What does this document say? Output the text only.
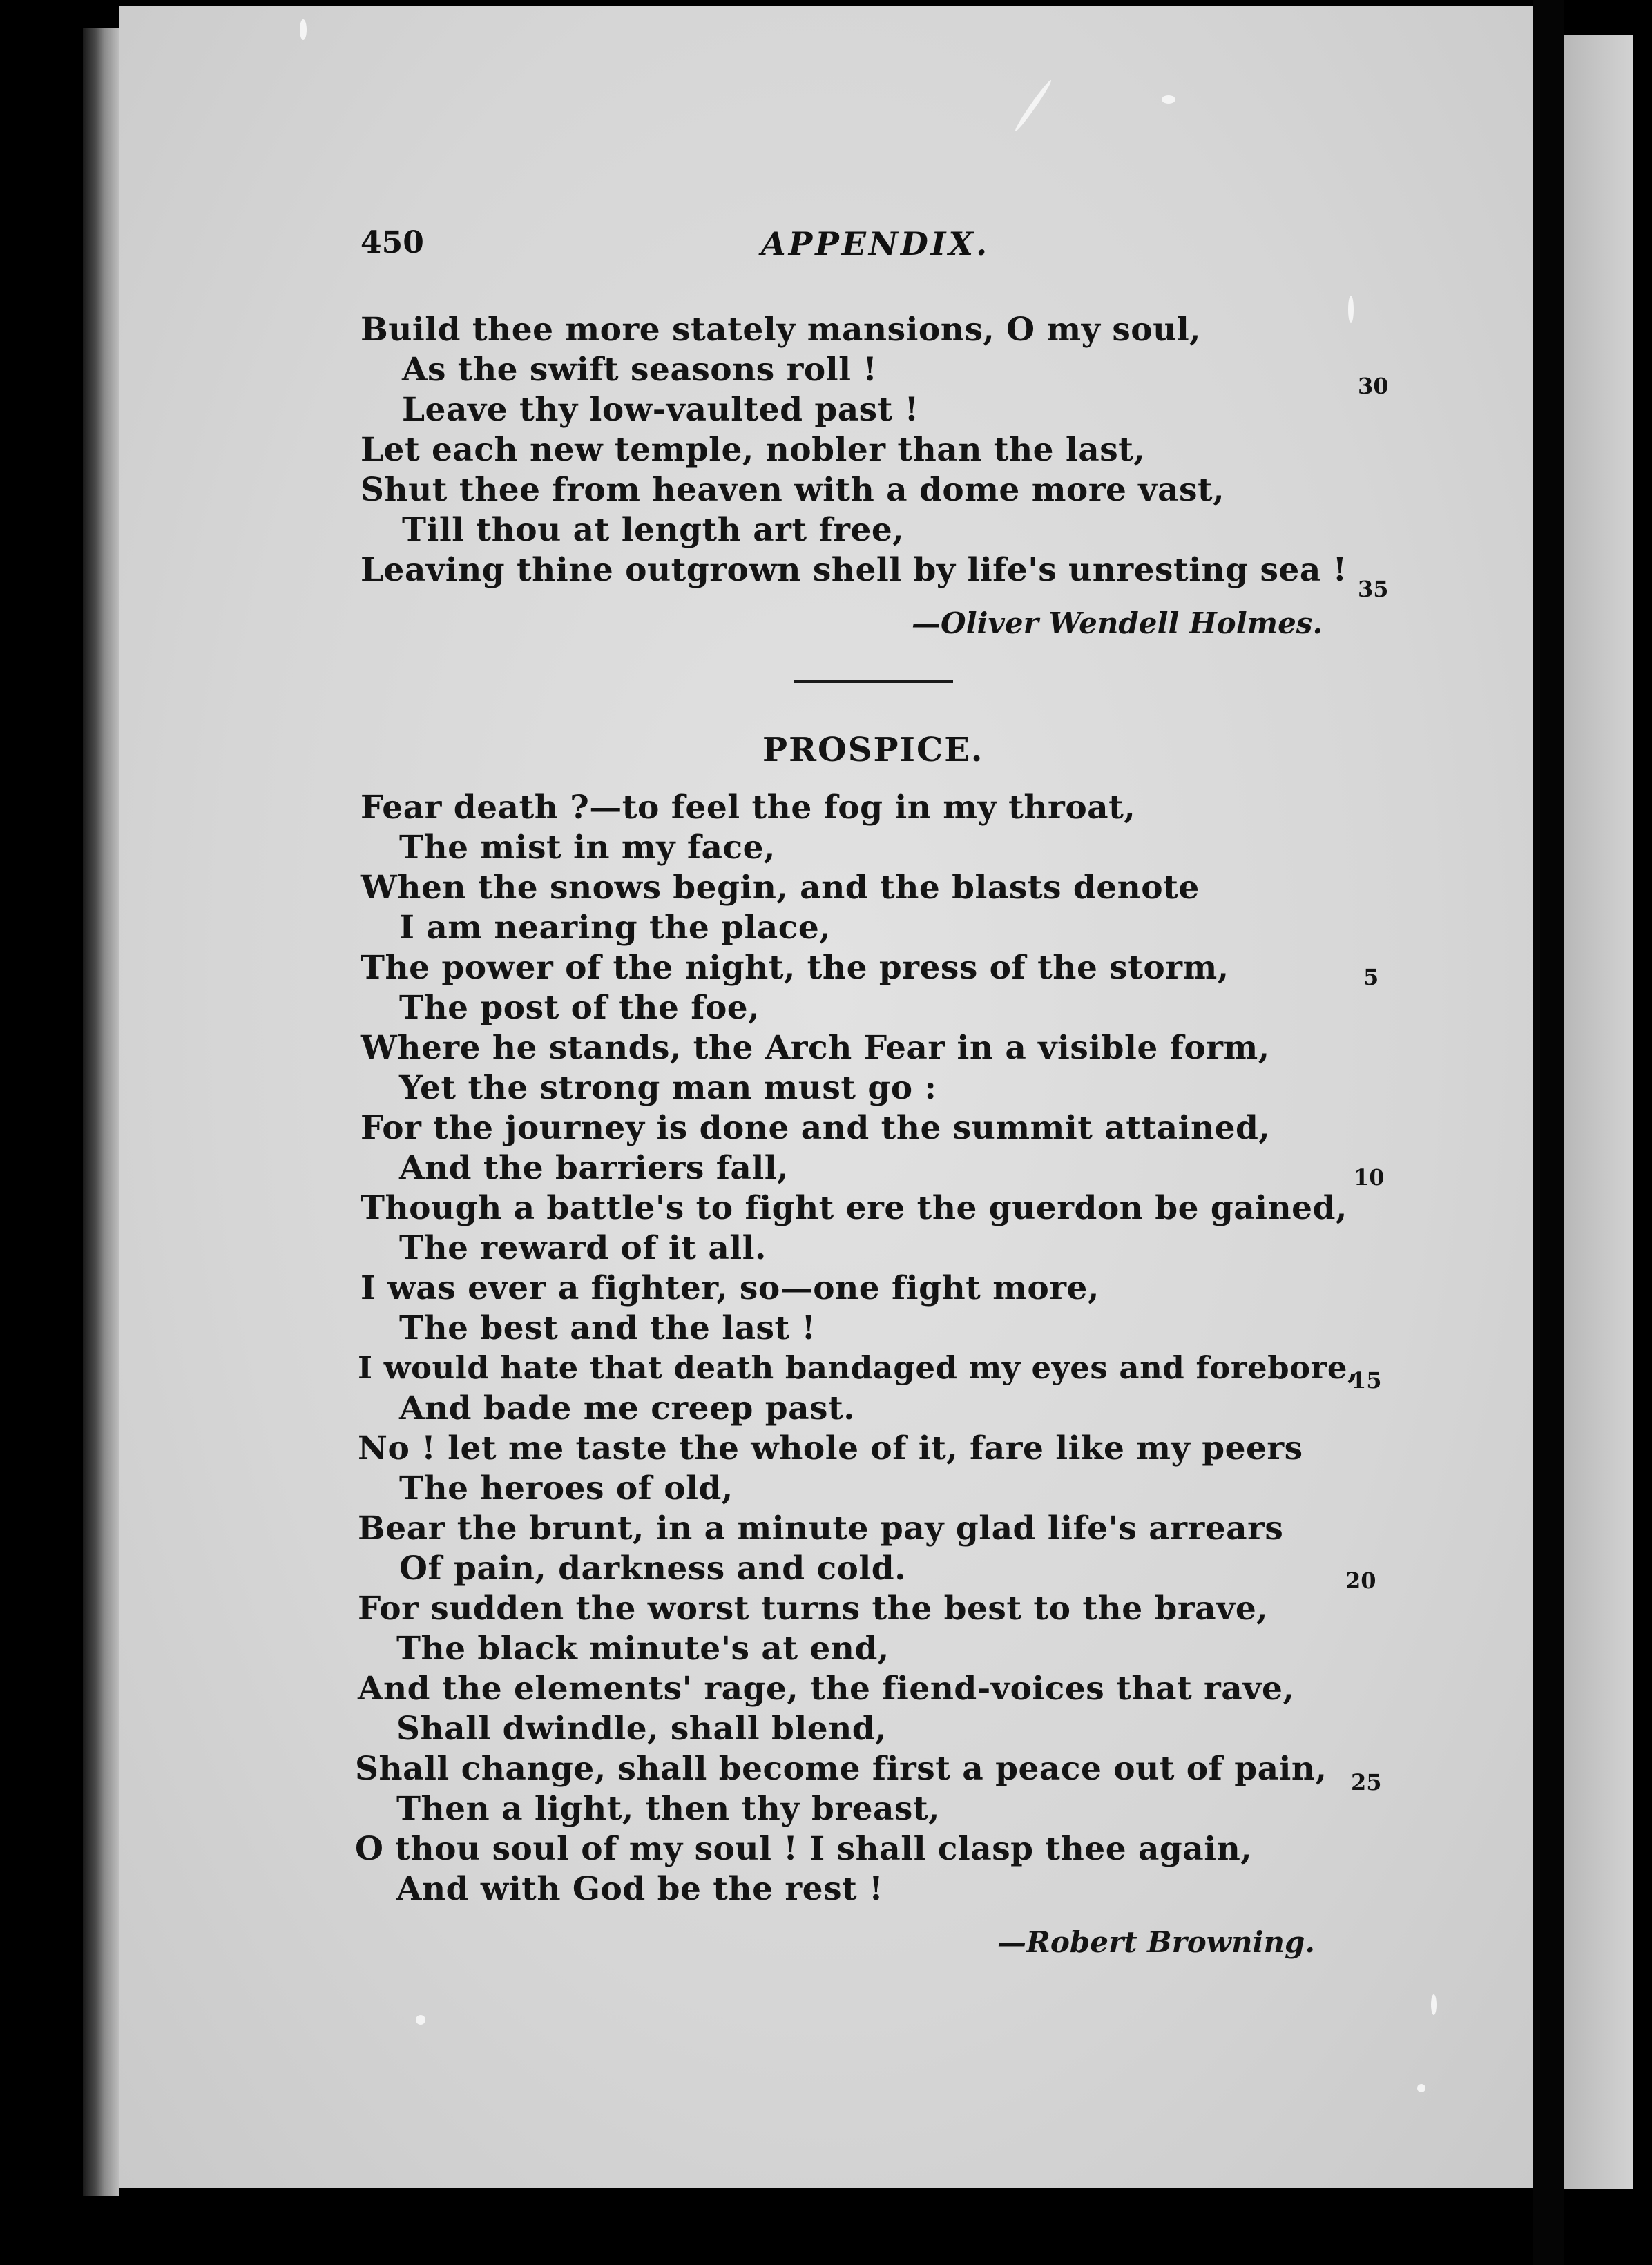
450	APPENDIX.
Build thee more stately mansions, O my soul,
As the swift seasons roll !
Leave thy low-vaulted past !
Let each new temple, nobler than the last,
Shut thee from heaven with a dome more vast,
Till thou at length art free,
Leaving thine outgrown shell by life's unresting sea !
30
35
—Oliver Wendell Holmes.
PROSPICE.
Fear death ?—to feel the fog in my throat,
The mist in my face,
When the snows begin, and the blasts denote
I am nearing the place,
The power of the night, the press of the storm,
The post of the foe,
Where he stands, the Arch Fear in a visible form,
Yet the strong man must go :
For the journey is done and the summit attained,
And the barriers fall,
Though a battle's to fight ere the guerdon be gained,
The reward of it all.
I was ever a fighter, so—one fight more,
The best and the last !
I would hate that death bandaged my eyes and forebore,
And bade me creep past.
No ! let me taste the whole of it, fare like my peers
The heroes of old,
Bear the brunt, in a minute pay glad life's arrears
Of pain, darkness and cold.
For sudden the worst turns the best to the brave,
The black minute's at end,
And the elements' rage, the fiend-voices that rave,
Shall dwindle, shall blend,
Shall change, shall become first a peace out of pain,
Then a light, then thy breast,
O thou soul of my soul ! I shall clasp thee again,
And with God be the rest !
5
10
15
20
25
—Robert Browning.
